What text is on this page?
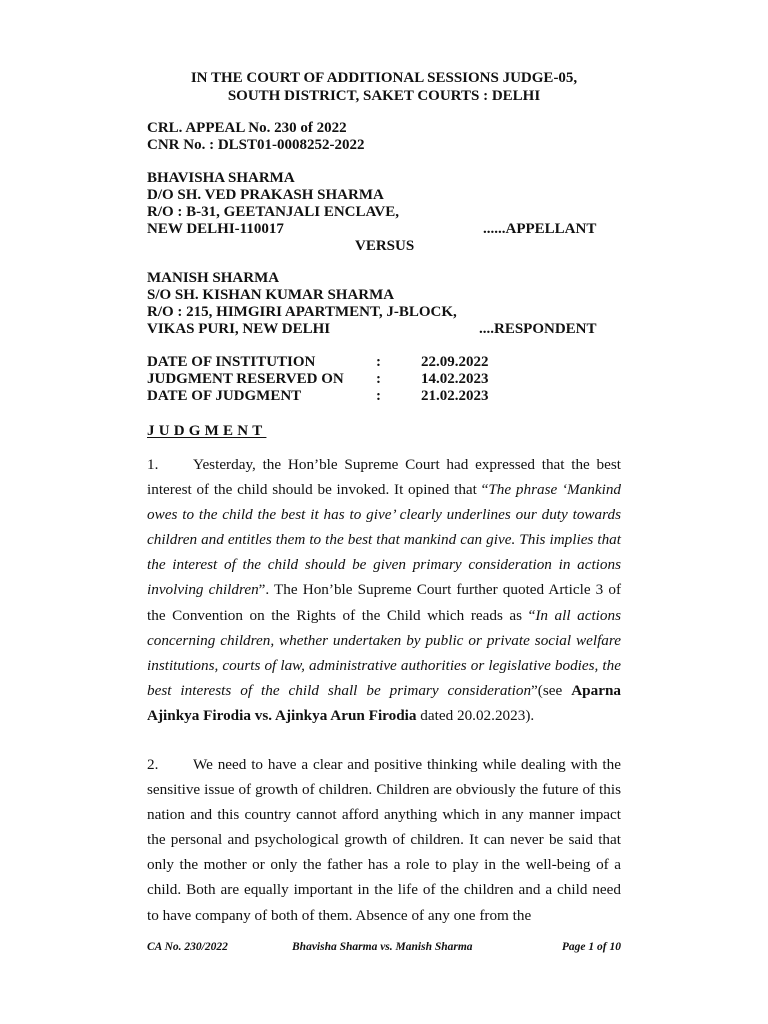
IN THE COURT OF ADDITIONAL SESSIONS JUDGE-05,
SOUTH DISTRICT, SAKET COURTS : DELHI
CRL. APPEAL No. 230 of 2022
CNR No. : DLST01-0008252-2022
BHAVISHA SHARMA
D/O SH. VED PRAKASH SHARMA
R/O : B-31, GEETANJALI ENCLAVE,
NEW DELHI-110017	......APPELLANT
VERSUS
MANISH SHARMA
S/O SH. KISHAN KUMAR SHARMA
R/O : 215, HIMGIRI APARTMENT, J-BLOCK,
VIKAS PURI, NEW DELHI	....RESPONDENT
DATE OF INSTITUTION	:	22.09.2022
JUDGMENT RESERVED ON :	14.02.2023
DATE OF JUDGMENT	:	21.02.2023
JUDGMENT
1. Yesterday, the Hon’ble Supreme Court had expressed that the best interest of the child should be invoked. It opined that “The phrase ‘Mankind owes to the child the best it has to give’ clearly underlines our duty towards children and entitles them to the best that mankind can give. This implies that the interest of the child should be given primary consideration in actions involving children”. The Hon’ble Supreme Court further quoted Article 3 of the Convention on the Rights of the Child which reads as “In all actions concerning children, whether undertaken by public or private social welfare institutions, courts of law, administrative authorities or legislative bodies, the best interests of the child shall be primary consideration”(see Aparna Ajinkya Firodia vs. Ajinkya Arun Firodia dated 20.02.2023).
2. We need to have a clear and positive thinking while dealing with the sensitive issue of growth of children. Children are obviously the future of this nation and this country cannot afford anything which in any manner impact the personal and psychological growth of children. It can never be said that only the mother or only the father has a role to play in the well-being of a child. Both are equally important in the life of the children and a child need to have company of both of them. Absence of any one from the
CA No. 230/2022	Bhavisha Sharma vs. Manish Sharma	Page 1 of 10
